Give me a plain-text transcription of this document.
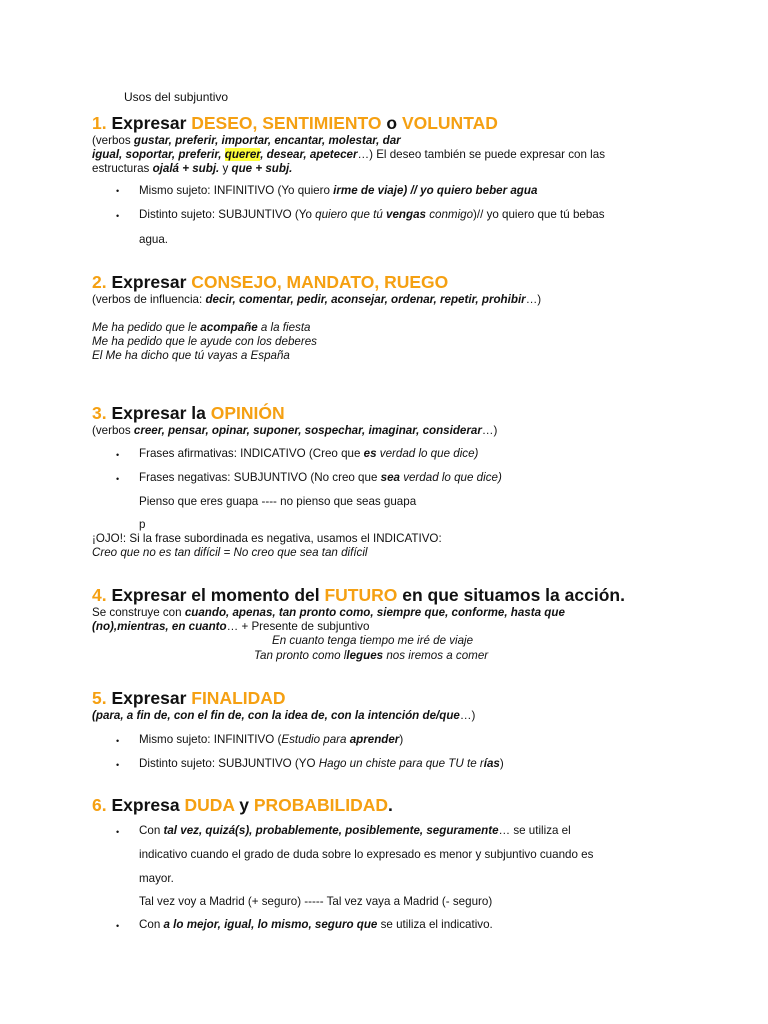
Usos del subjuntivo
1. Expresar DESEO, SENTIMIENTO o VOLUNTAD
(verbos gustar, preferir, importar, encantar, molestar, dar
igual, soportar, preferir, querer, desear, apetecer…) El deseo también se puede expresar con las
estructuras ojalá + subj. y que + subj.
• Mismo sujeto: INFINITIVO (Yo quiero irme de viaje) // yo quiero beber agua
• Distinto sujeto: SUBJUNTIVO (Yo quiero que tú vengas conmigo)// yo quiero que tú bebas
agua.
2. Expresar CONSEJO, MANDATO, RUEGO
(verbos de influencia: decir, comentar, pedir, aconsejar, ordenar, repetir, prohibir…)
Me ha pedido que le acompañe a la fiesta
Me ha pedido que le ayude con los deberes
El Me ha dicho que tú vayas a España
3. Expresar la OPINIÓN
(verbos creer, pensar, opinar, suponer, sospechar, imaginar, considerar…)
• Frases afirmativas: INDICATIVO (Creo que es verdad lo que dice)
• Frases negativas: SUBJUNTIVO (No creo que sea verdad lo que dice)
Pienso que eres guapa ---- no pienso que seas guapa
p
¡OJO!: Si la frase subordinada es negativa, usamos el INDICATIVO:
Creo que no es tan difícil = No creo que sea tan difícil
4. Expresar el momento del FUTURO en que situamos la acción.
Se construye con cuando, apenas, tan pronto como, siempre que, conforme, hasta que
(no),mientras, en cuanto… + Presente de subjuntivo
En cuanto tenga tiempo me iré de viaje
Tan pronto como llegues nos iremos a comer
5. Expresar FINALIDAD
(para, a fin de, con el fin de, con la idea de, con la intención de/que…)
• Mismo sujeto: INFINITIVO (Estudio para aprender)
• Distinto sujeto: SUBJUNTIVO (YO Hago un chiste para que TU te rías)
6. Expresa DUDA y PROBABILIDAD.
• Con tal vez, quizá(s), probablemente, posiblemente, seguramente… se utiliza el
indicativo cuando el grado de duda sobre lo expresado es menor y subjuntivo cuando es
mayor.
Tal vez voy a Madrid (+ seguro) ----- Tal vez vaya a Madrid (- seguro)
• Con a lo mejor, igual, lo mismo, seguro que se utiliza el indicativo.
